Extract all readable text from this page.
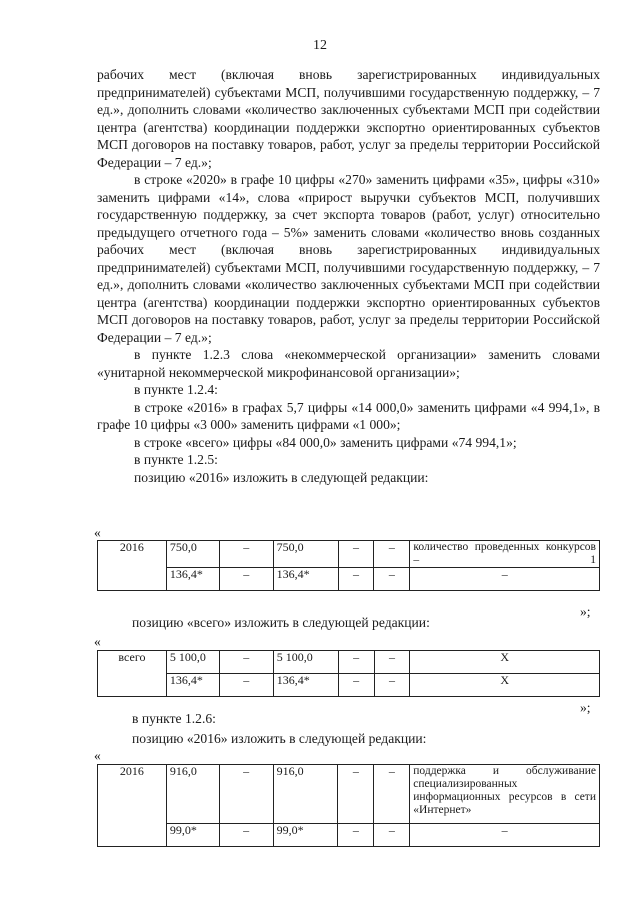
12

рабочих мест (включая вновь зарегистрированных индивидуальных предпринимателей) субъектами МСП, получившими государственную поддержку, – 7 ед.», дополнить словами «количество заключенных субъектами МСП при содействии центра (агентства) координации поддержки экспортно ориентированных субъектов МСП договоров на поставку товаров, работ, услуг за пределы территории Российской Федерации – 7 ед.»;

в строке «2020» в графе 10 цифры «270» заменить цифрами «35», цифры «310» заменить цифрами «14», слова «прирост выручки субъектов МСП, получивших государственную поддержку, за счет экспорта товаров (работ, услуг) относительно предыдущего отчетного года – 5%» заменить словами «количество вновь созданных рабочих мест (включая вновь зарегистрированных индивидуальных предпринимателей) субъектами МСП, получившими государственную поддержку, – 7 ед.», дополнить словами «количество заключенных субъектами МСП при содействии центра (агентства) координации поддержки экспортно ориентированных субъектов МСП договоров на поставку товаров, работ, услуг за пределы территории Российской Федерации – 7 ед.»;

в пункте 1.2.3 слова «некоммерческой организации» заменить словами «унитарной некоммерческой микрофинансовой организации»;

в пункте 1.2.4:

в строке «2016» в графах 5,7 цифры «14 000,0» заменить цифрами «4 994,1», в графе 10 цифры «3 000» заменить цифрами «1 000»;

в строке «всего» цифры «84 000,0» заменить цифрами «74 994,1»;

в пункте 1.2.5:

позицию «2016» изложить в следующей редакции:

«
2016	750,0	–	750,0	–	–	количество проведенных конкурсов – 1
	136,4*	–	136,4*	–	–	–
»;
позицию «всего» изложить в следующей редакции:
«
всего	5 100,0	–	5 100,0	–	–	Х
	136,4*	–	136,4*	–	–	Х
»;
в пункте 1.2.6:
позицию «2016» изложить в следующей редакции:
«
2016	916,0	–	916,0	–	–	поддержка и обслуживание специализированных информационных ресурсов в сети «Интернет»
	99,0*	–	99,0*	–	–	–
